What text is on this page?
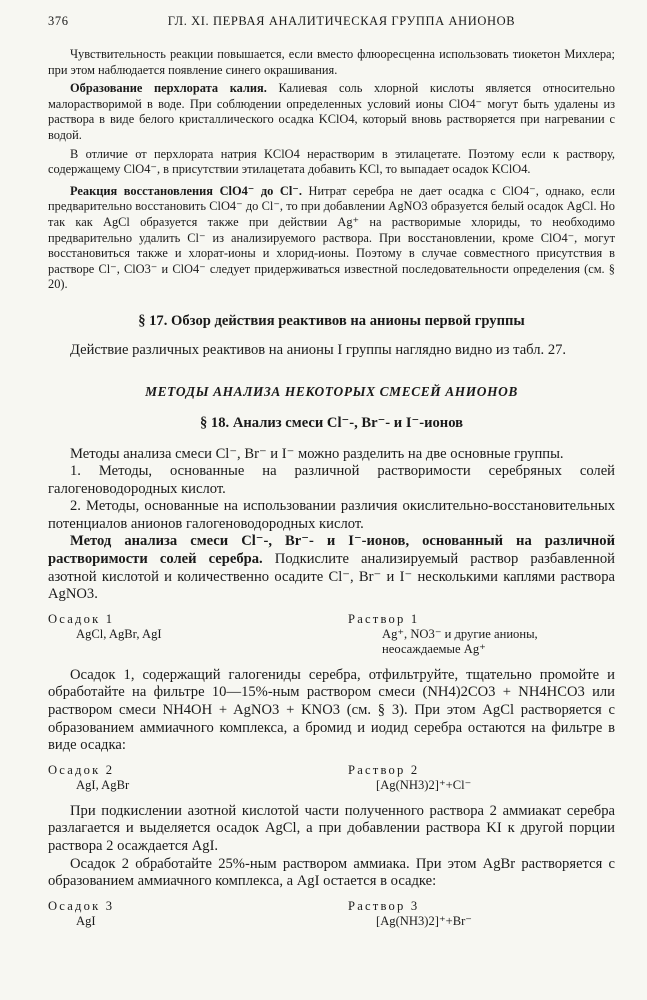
376	ГЛ. XI. ПЕРВАЯ АНАЛИТИЧЕСКАЯ ГРУППА АНИОНОВ

Чувствительность реакции повышается, если вместо флюоресценна использовать тиокетон Михлера; при этом наблюдается появление синего окрашивания.

Образование перхлората калия. Калиевая соль хлорной кислоты является относительно малорастворимой в воде. При соблюдении определенных условий ионы ClO4⁻ могут быть удалены из раствора в виде белого кристаллического осадка KClO4, который вновь растворяется при нагревании с водой.

В отличие от перхлората натрия KClO4 нерастворим в этилацетате. Поэтому если к раствору, содержащему ClO4⁻, в присутствии этилацетата добавить KCl, то выпадает осадок KClO4.

Реакция восстановления ClO4⁻ до Cl⁻. Нитрат серебра не дает осадка с ClO4⁻, однако, если предварительно восстановить ClO4⁻ до Cl⁻, то при добавлении AgNO3 образуется белый осадок AgCl. Но так как AgCl образуется также при действии Ag⁺ на растворимые хлориды, то необходимо предварительно удалить Cl⁻ из анализируемого раствора. При восстановлении, кроме ClO4⁻, могут восстановиться также и хлорат-ионы и хлорид-ионы. Поэтому в случае совместного присутствия в растворе Cl⁻, ClO3⁻ и ClO4⁻ следует придерживаться известной последовательности определения (см. § 20).

§ 17. Обзор действия реактивов на анионы первой группы

Действие различных реактивов на анионы I группы наглядно видно из табл. 27.

МЕТОДЫ АНАЛИЗА НЕКОТОРЫХ СМЕСЕЙ АНИОНОВ
§ 18. Анализ смеси Cl⁻-, Br⁻- и I⁻-ионов

Методы анализа смеси Cl⁻, Br⁻ и I⁻ можно разделить на две основные группы.

1. Методы, основанные на различной растворимости серебряных солей галогеноводородных кислот.

2. Методы, основанные на использовании различия окислительно-восстановительных потенциалов анионов галогеноводородных кислот.

Метод анализа смеси Cl⁻-, Br⁻- и I⁻-ионов, основанный на различной растворимости солей серебра. Подкислите анализируемый раствор разбавленной азотной кислотой и количественно осадите Cl⁻, Br⁻ и I⁻ несколькими каплями раствора AgNO3.

Осадок 1
AgCl, AgBr, AgI
Раствор 1
Ag⁺, NO3⁻ и другие анионы, неосаждаемые Ag⁺

Осадок 1, содержащий галогениды серебра, отфильтруйте, тщательно промойте и обработайте на фильтре 10—15%-ным раствором смеси (NH4)2CO3 + NH4HCO3 или раствором смеси NH4OH + AgNO3 + KNO3 (см. § 3). При этом AgCl растворяется с образованием аммиачного комплекса, а бромид и иодид серебра остаются на фильтре в виде осадка:

Осадок 2
AgI, AgBr
Раствор 2
[Ag(NH3)2]⁺+Cl⁻

При подкислении азотной кислотой части полученного раствора 2 аммиакат серебра разлагается и выделяется осадок AgCl, а при добавлении раствора KI к другой порции раствора 2 осаждается AgI.

Осадок 2 обработайте 25%-ным раствором аммиака. При этом AgBr растворяется с образованием аммиачного комплекса, а AgI остается в осадке:

Осадок 3
AgI
Раствор 3
[Ag(NH3)2]⁺+Br⁻
